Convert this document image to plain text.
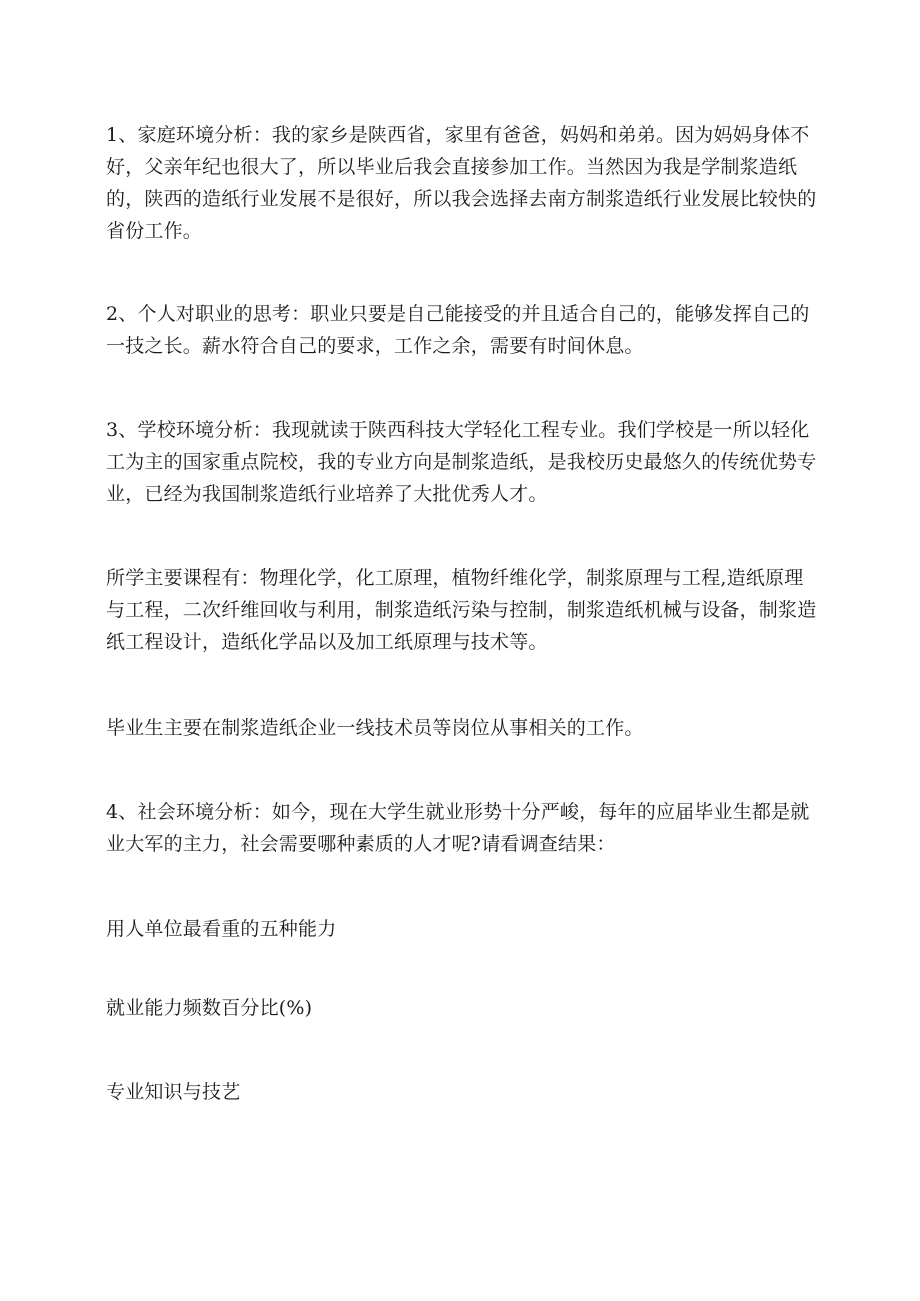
1、家庭环境分析：我的家乡是陕西省，家里有爸爸，妈妈和弟弟。因为妈妈身体不好，父亲年纪也很大了，所以毕业后我会直接参加工作。当然因为我是学制浆造纸的，陕西的造纸行业发展不是很好，所以我会选择去南方制浆造纸行业发展比较快的省份工作。

2、个人对职业的思考：职业只要是自己能接受的并且适合自己的，能够发挥自己的一技之长。薪水符合自己的要求，工作之余，需要有时间休息。

3、学校环境分析：我现就读于陕西科技大学轻化工程专业。我们学校是一所以轻化工为主的国家重点院校，我的专业方向是制浆造纸，是我校历史最悠久的传统优势专业，已经为我国制浆造纸行业培养了大批优秀人才。

所学主要课程有：物理化学，化工原理，植物纤维化学，制浆原理与工程,造纸原理与工程，二次纤维回收与利用，制浆造纸污染与控制，制浆造纸机械与设备，制浆造纸工程设计，造纸化学品以及加工纸原理与技术等。

毕业生主要在制浆造纸企业一线技术员等岗位从事相关的工作。

4、社会环境分析：如今，现在大学生就业形势十分严峻，每年的应届毕业生都是就业大军的主力，社会需要哪种素质的人才呢?请看调查结果：

用人单位最看重的五种能力

就业能力频数百分比(%)

专业知识与技艺
